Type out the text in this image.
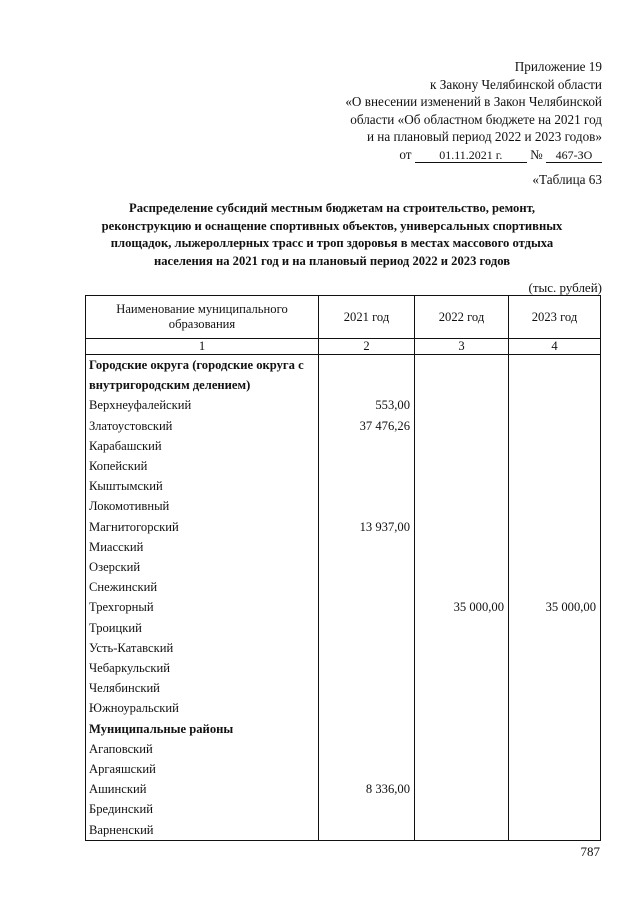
Приложение 19
к Закону Челябинской области
«О внесении изменений в Закон Челябинской
области «Об областном бюджете на 2021 год
и на плановый период 2022 и 2023 годов»
от 01.11.2021 г. № 467-ЗО
«Таблица 63
Распределение субсидий местным бюджетам на строительство, ремонт, реконструкцию и оснащение спортивных объектов, универсальных спортивных площадок, лыжероллерных трасс и троп здоровья в местах массового отдыха населения на 2021 год и на плановый период 2022 и 2023 годов
(тыс. рублей)
Наименование муниципального образования	2021 год	2022 год	2023 год
1	2	3	4
Городские округа (городские округа с внутригородским делением)			
Верхнеуфалейский	553,00		
Златоустовский	37 476,26		
Карабашский			
Копейский			
Кыштымский			
Локомотивный			
Магнитогорский	13 937,00		
Миасский			
Озерский			
Снежинский			
Трехгорный		35 000,00	35 000,00
Троицкий			
Усть-Катавский			
Чебаркульский			
Челябинский			
Южноуральский			
Муниципальные районы			
Агаповский			
Аргаяшский			
Ашинский	8 336,00		
Брединский			
Варненский			
787
